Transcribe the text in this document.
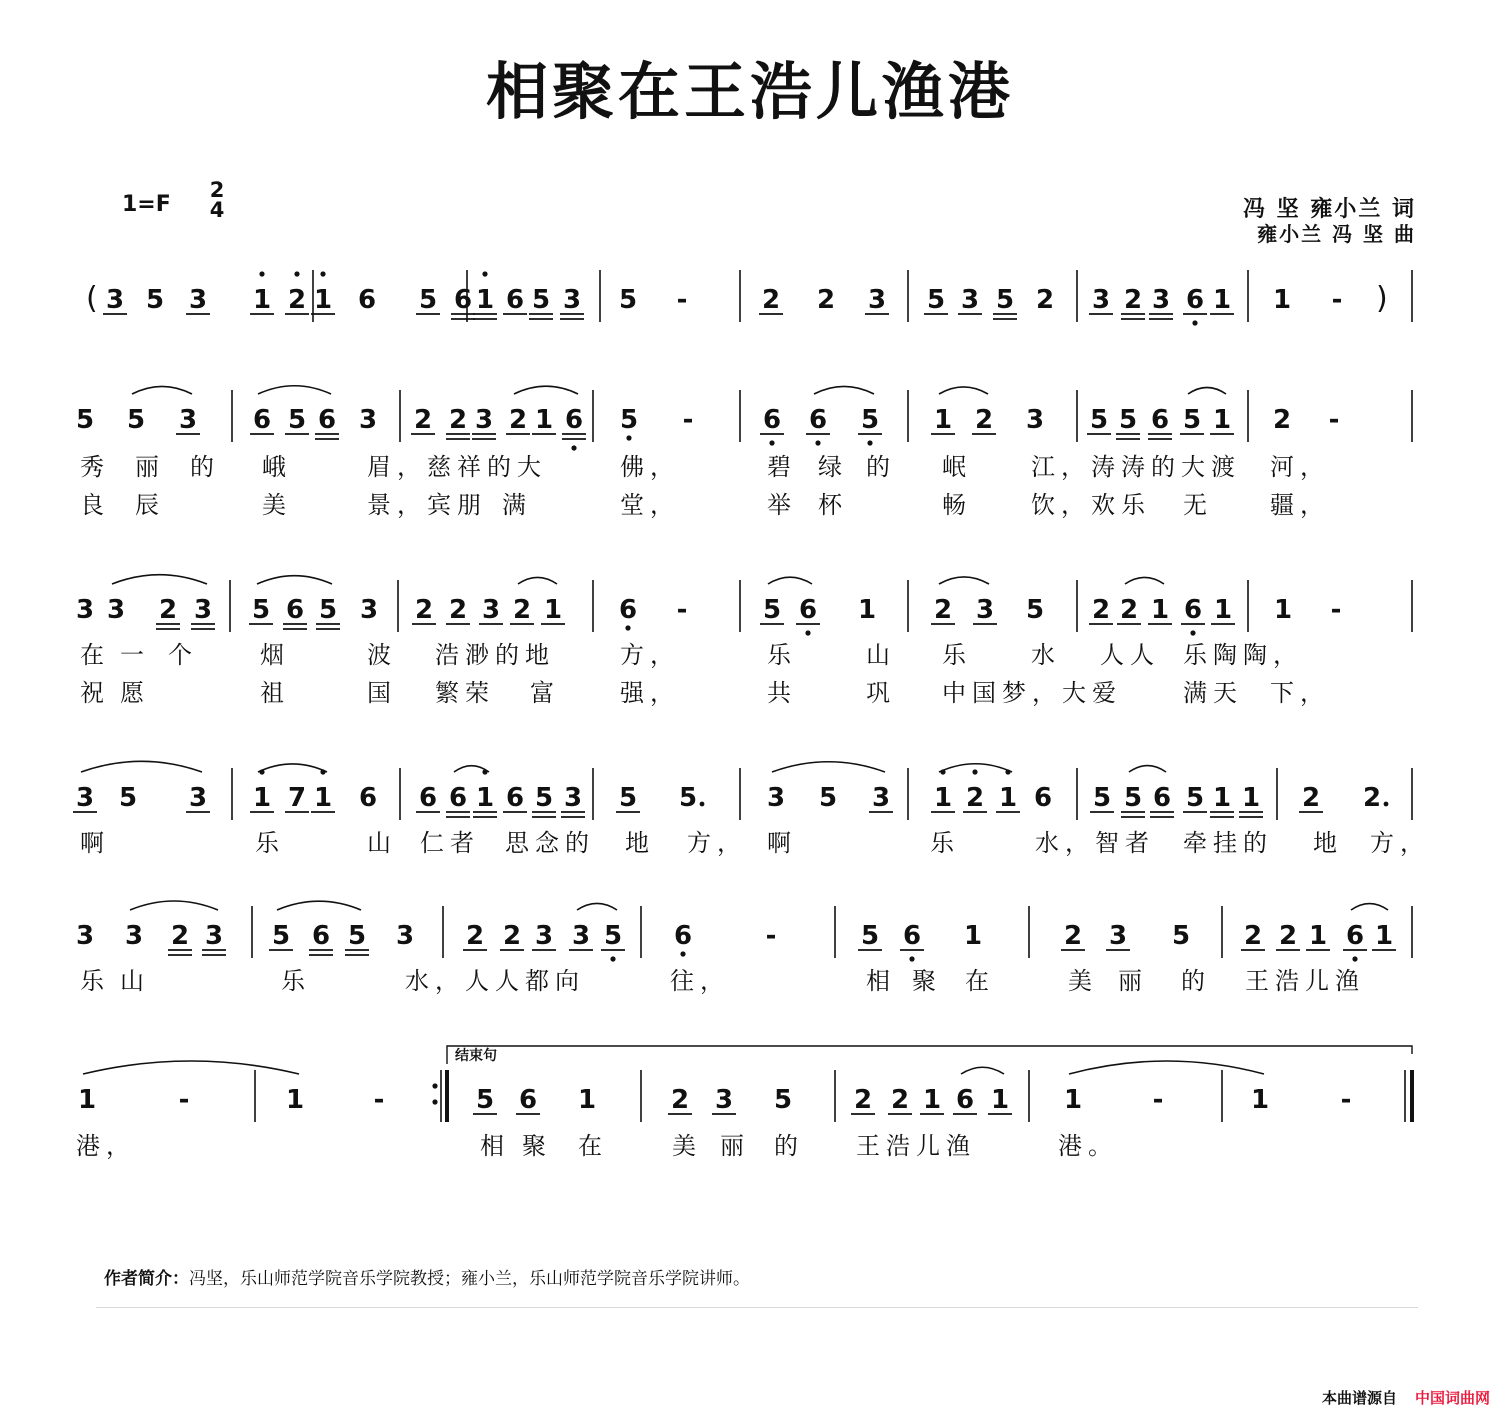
相聚在王浩儿渔港
1=F
2
4	冯 坚 雍小兰 词
雍小兰 冯 坚 曲
(	)
3 5 3 1 2 1 6 5 6 1 6 5 3 5 -	2 2 3 5 3 5 2 3 2 3 6 1 1 -
5 5 3 6 5 6 3 2 2 3 2 1 6 5 -	6 6 5 1 2 3 5 5 6 5 1 2 -
秀 丽 的 峨	眉，慈祥的大	佛，	碧 绿 的 岷 江，涛涛的大渡 河，
良 辰	美	景，宾朋 满	堂，	举 杯	畅 饮，欢乐 无 疆，
3 3 2 3 5 6 5 3 2 2 3 2 1 6 -	5 6 1 2 3 5 2 2 1 6 1 1 -
在 一 个	烟	波 浩渺的地	方，	乐	山 乐 水 人人 乐陶陶，
祝 愿	祖	国 繁荣 富	强，	共	巩 中国梦，大爱	满天 下，
3 5 3 1 7 1 6 6 6 1 6 5 3 5 5	3 5 3 1 2 1 6 5 5 6 5 1 1 2 2
啊	乐	山 仁者 思念的 地 方， 啊	乐	水，智者 牵挂的 地 方，
3 3 2 3 5 6 5 3 2 2 3 3 5 6	-	5 6 1	2 3 5 2 2 1 6 1
乐 山	乐	水，人人都向	往，	相 聚 在	美 丽 的 王浩儿渔
结束句
1	-	1	-	5 6 1	2 3 5 2 2 1 6 1 1	-	1	-
港，	相 聚 在	美 丽 的 王浩儿渔	港。
作者简介：冯坚，乐山师范学院音乐学院教授；雍小兰，乐山师范学院音乐学院讲师。
本曲谱源自 中国词曲网
